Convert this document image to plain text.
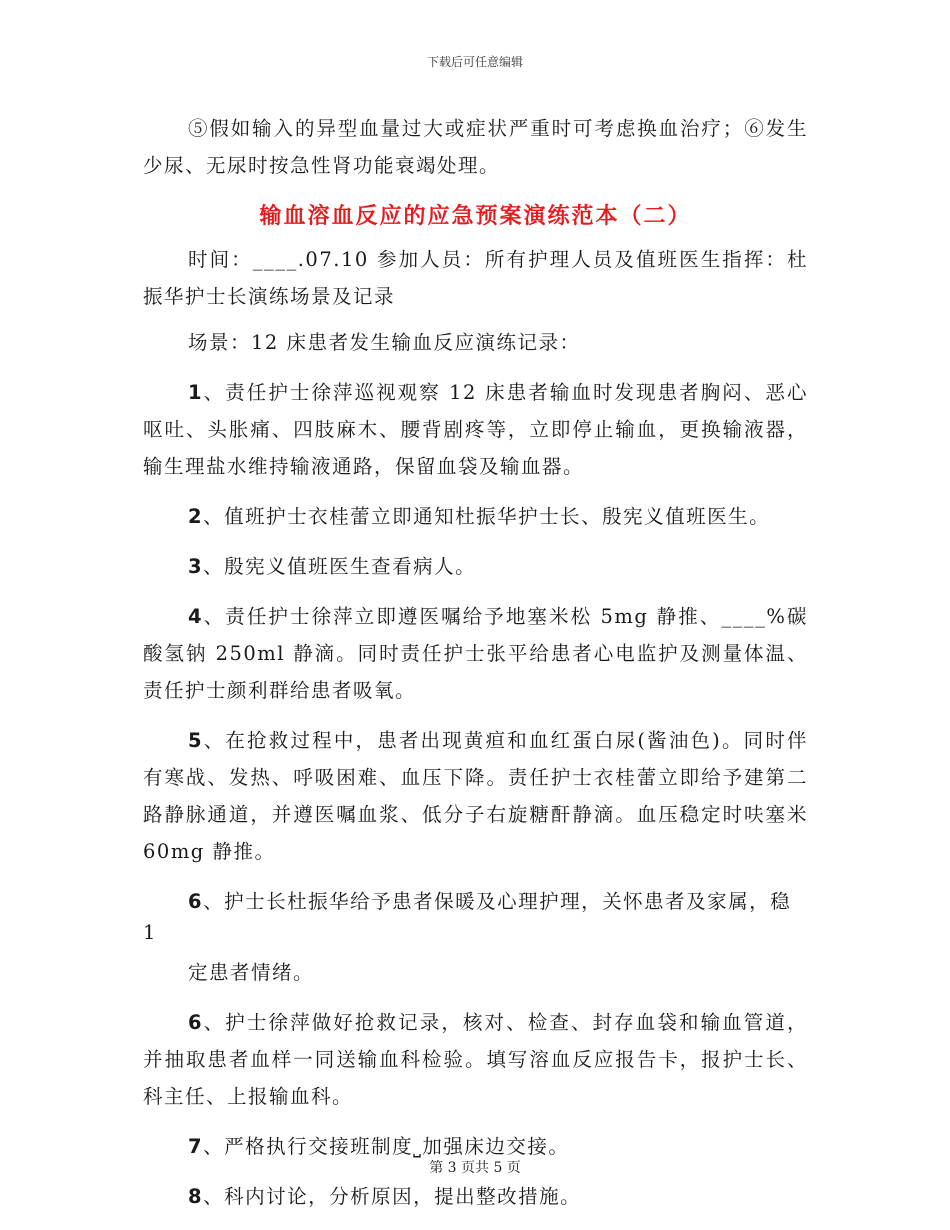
下载后可任意编辑

⑤假如输入的异型血量过大或症状严重时可考虑换血治疗；⑥发生少尿、无尿时按急性肾功能衰竭处理。

输血溶血反应的应急预案演练范本（二）

时间：____.07.10 参加人员：所有护理人员及值班医生指挥：杜振华护士长演练场景及记录

场景：12 床患者发生输血反应演练记录：

1、责任护士徐萍巡视观察 12 床患者输血时发现患者胸闷、恶心呕吐、头胀痛、四肢麻木、腰背剧疼等，立即停止输血，更换输液器，输生理盐水维持输液通路，保留血袋及输血器。

2、值班护士衣桂蕾立即通知杜振华护士长、殷宪义值班医生。

3、殷宪义值班医生查看病人。

4、责任护士徐萍立即遵医嘱给予地塞米松 5mg 静推、____%碳酸氢钠 250ml 静滴。同时责任护士张平给患者心电监护及测量体温、责任护士颜利群给患者吸氧。

5、在抢救过程中，患者出现黄疸和血红蛋白尿(酱油色)。同时伴有寒战、发热、呼吸困难、血压下降。责任护士衣桂蕾立即给予建第二路静脉通道，并遵医嘱血浆、低分子右旋糖酐静滴。血压稳定时呋塞米 60mg 静推。

6、护士长杜振华给予患者保暖及心理护理，关怀患者及家属，稳

1

定患者情绪。

6、护士徐萍做好抢救记录，核对、检查、封存血袋和输血管道，并抽取患者血样一同送输血科检验。填写溶血反应报告卡，报护士长、科主任、上报输血科。

7、严格执行交接班制度⎵加强床边交接。

8、科内讨论，分析原因，提出整改措施。

第 3 页共 5 页
